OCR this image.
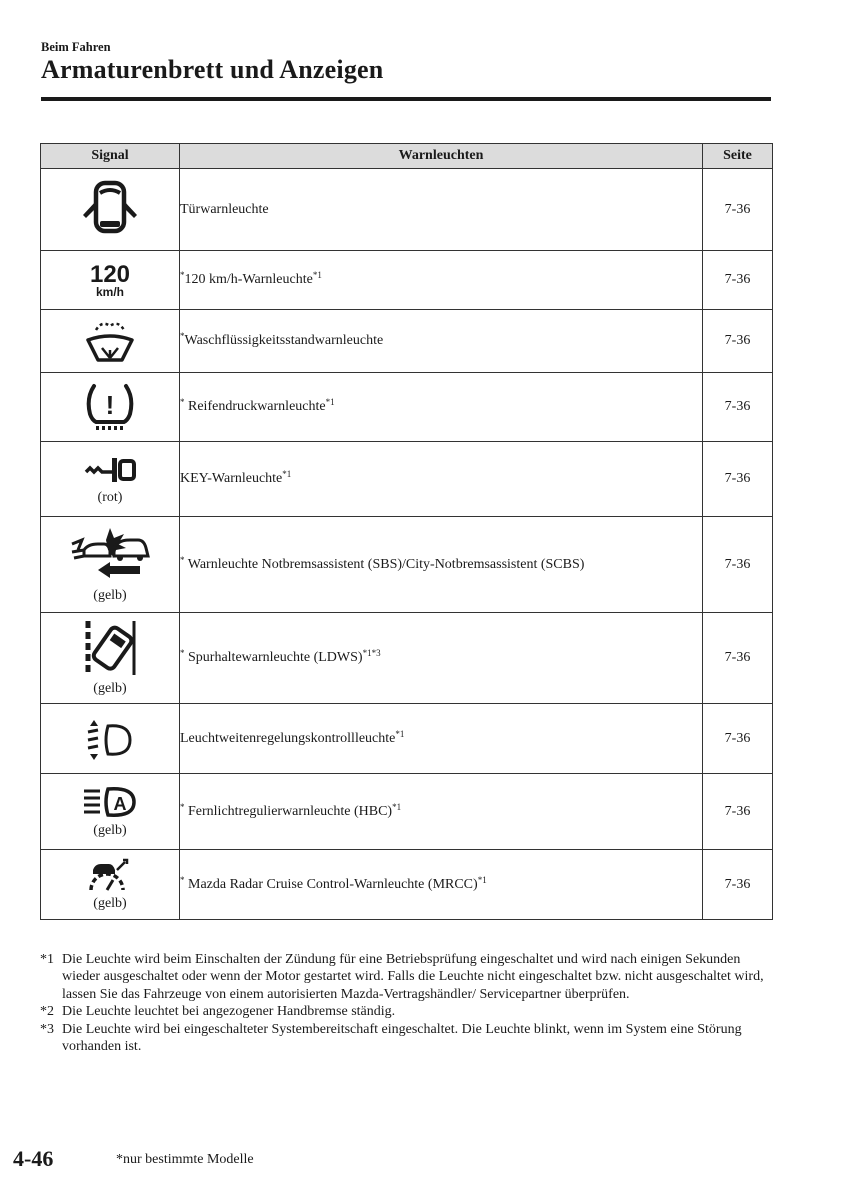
Beim Fahren
Armaturenbrett und Anzeigen
Signal	Warnleuchten	Seite

	Türwarnleuchte	7-36

120
km/h	*120 km/h-Warnleuchte$^{*1}$	7-36

	*Waschflüssigkeitsstandwarnleuchte	7-36

!	* Reifendruckwarnleuchte$^{*1}$	7-36

(rot)	KEY-Warnleuchte$^{*1}$	7-36

(gelb)	* Warnleuchte Notbremsassistent (SBS)/City-Notbremsassistent (SCBS)	7-36

(gelb)	* Spurhaltewarnleuchte (LDWS)$^{*1*3}$	7-36

	Leuchtweitenregelungskontrollleuchte$^{*1}$	7-36

A
(gelb)	* Fernlichtregulierwarnleuchte (HBC)$^{*1}$	7-36

(gelb)	* Mazda Radar Cruise Control-Warnleuchte (MRCC)$^{*1}$	7-36
*1 Die Leuchte wird beim Einschalten der Zündung für eine Betriebsprüfung eingeschaltet und wird nach einigen Sekunden wieder ausgeschaltet oder wenn der Motor gestartet wird. Falls die Leuchte nicht eingeschaltet bzw. nicht ausgeschaltet wird, lassen Sie das Fahrzeuge von einem autorisierten Mazda-Vertragshändler/ Servicepartner überprüfen.
*2 Die Leuchte leuchtet bei angezogener Handbremse ständig.
*3 Die Leuchte wird bei eingeschalteter Systembereitschaft eingeschaltet. Die Leuchte blinkt, wenn im System eine Störung vorhanden ist.
4-46	*nur bestimmte Modelle
